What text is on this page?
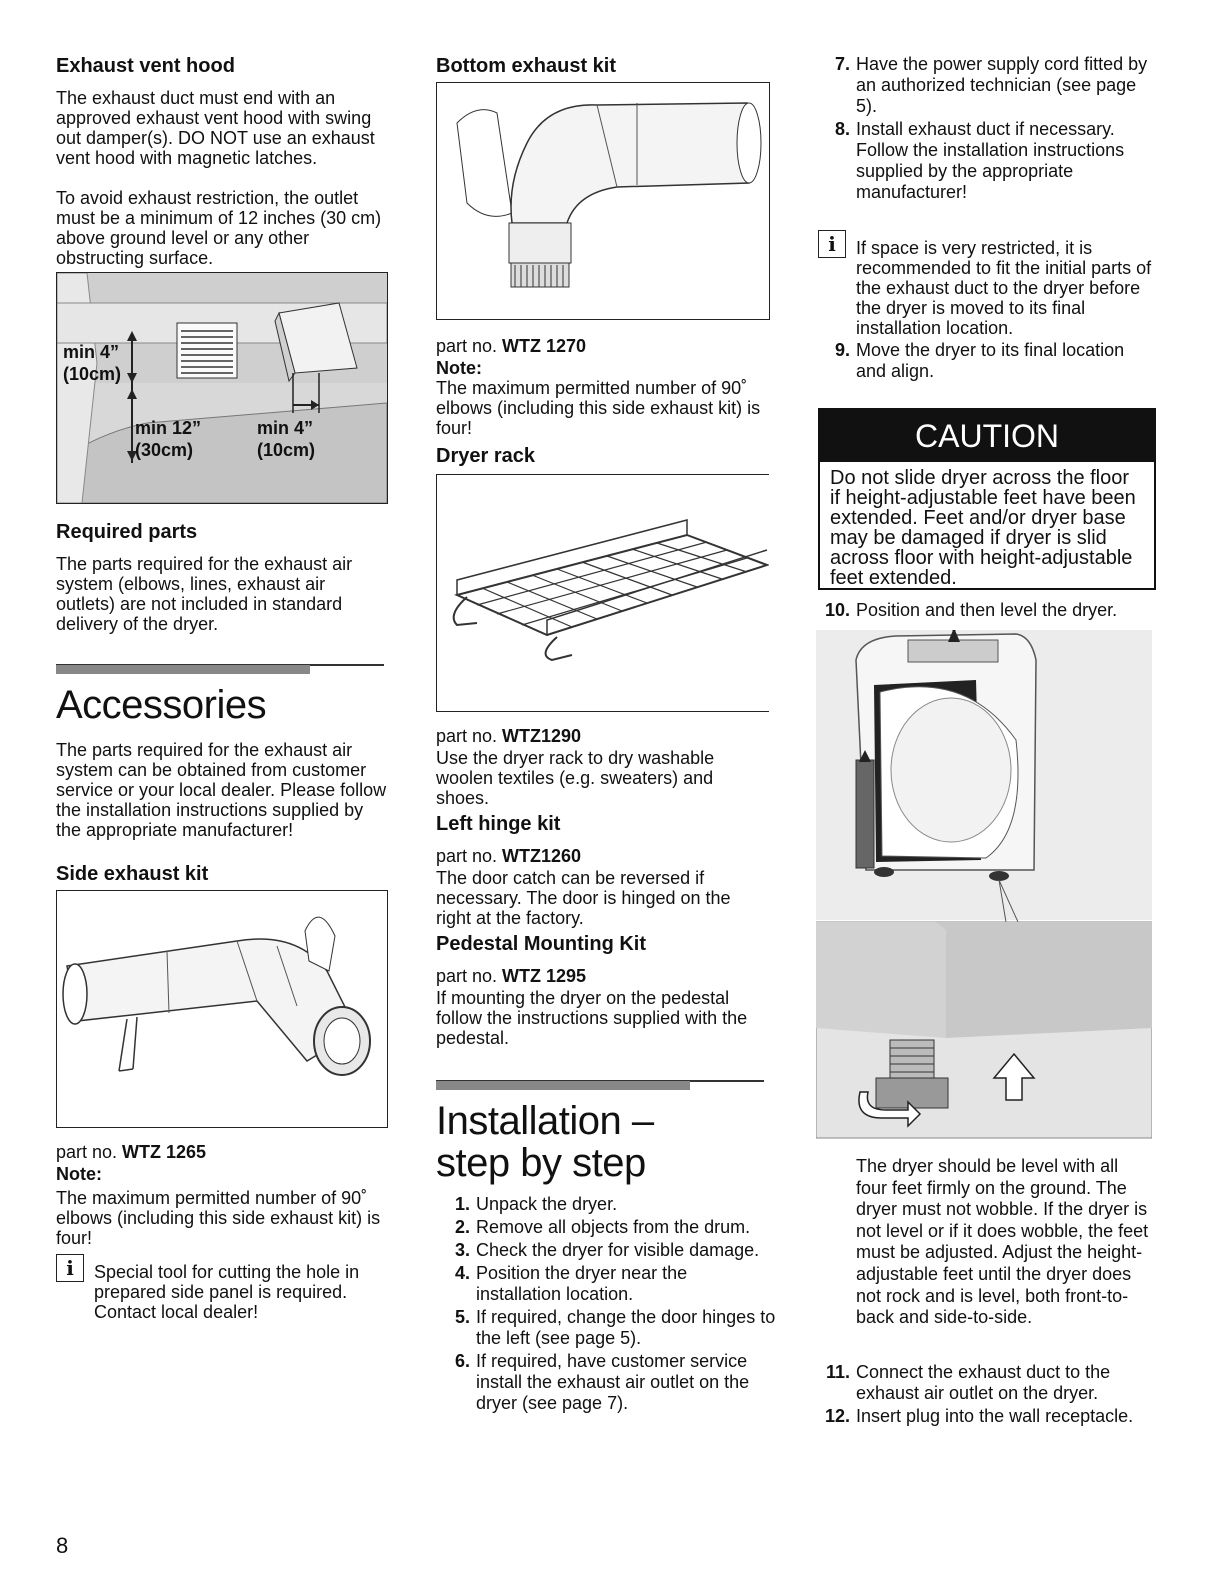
Exhaust vent hood

The exhaust duct must end with an approved exhaust vent hood with swing out damper(s). DO NOT use an exhaust vent hood with magnetic latches.

To avoid exhaust restriction, the outlet must be a minimum of 12 inches (30 cm) above ground level or any other obstructing surface.

min 4”
(10cm)
min 12”
(30cm)
min 4”
(10cm)
Required parts

The parts required for the exhaust air system (elbows, lines, exhaust air outlets) are not included in standard delivery of the dryer.

Accessories

The parts required for the exhaust air system can be obtained from customer service or your local dealer. Please follow the installation instructions supplied by the appropriate manufacturer!

Side exhaust kit
part no. WTZ 1265
Note:

The maximum permitted number of 90˚ elbows (including this side exhaust kit) is four!

i	Special tool for cutting the hole in prepared side panel is required. Contact local dealer!

Bottom exhaust kit
part no. WTZ 1270
Note:

The maximum permitted number of 90˚ elbows (including this side exhaust kit) is four!

Dryer rack
part no. WTZ1290

Use the dryer rack to dry washable woolen textiles (e.g. sweaters) and shoes.

Left hinge kit
part no. WTZ1260

The door catch can be reversed if necessary. The door is hinged on the right at the factory.

Pedestal Mounting Kit
part no. WTZ 1295

If mounting the dryer on the pedestal follow the instructions supplied with the pedestal.

Installation –
step by step
1. Unpack the dryer.
2. Remove all objects from the drum.
3. Check the dryer for visible damage.
4. Position the dryer near the installation location.
5. If required, change the door hinges to the left (see page 5).
6. If required, have customer service install the exhaust air outlet on the dryer (see page 7).
7. Have the power supply cord fitted by an authorized technician (see page 5).
8. Install exhaust duct if necessary. Follow the installation instructions supplied by the appropriate manufacturer!
i	If space is very restricted, it is recommended to fit the initial parts of the exhaust duct to the dryer before the dryer is moved to its final installation location.

9. Move the dryer to its final location and align.
CAUTION
Do not slide dryer across the floor if height-adjustable feet have been extended. Feet and/or dryer base may be damaged if dryer is slid across floor with height-adjustable feet extended.
10. Position and then level the dryer.

The dryer should be level with all four feet firmly on the ground. The dryer must not wobble. If the dryer is not level or if it does wobble, the feet must be adjusted. Adjust the height-adjustable feet until the dryer does not rock and is level, both front-to-back and side-to-side.

11. Connect the exhaust duct to the exhaust air outlet on the dryer.
12. Insert plug into the wall receptacle.
8
